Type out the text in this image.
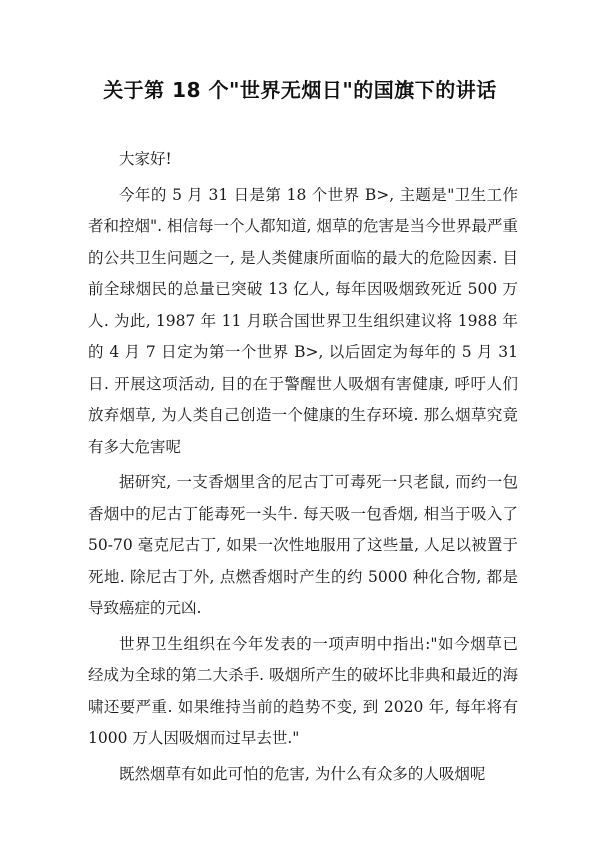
关于第 18 个"世界无烟日"的国旗下的讲话

大家好!

今年的 5 月 31 日是第 18 个世界 B>, 主题是"卫生工作者和控烟". 相信每一个人都知道, 烟草的危害是当今世界最严重的公共卫生问题之一, 是人类健康所面临的最大的危险因素. 目前全球烟民的总量已突破 13 亿人, 每年因吸烟致死近 500 万人. 为此, 1987 年 11 月联合国世界卫生组织建议将 1988 年的 4 月 7 日定为第一个世界 B>, 以后固定为每年的 5 月 31 日. 开展这项活动, 目的在于警醒世人吸烟有害健康, 呼吁人们放弃烟草, 为人类自己创造一个健康的生存环境. 那么烟草究竟有多大危害呢

据研究, 一支香烟里含的尼古丁可毒死一只老鼠, 而约一包香烟中的尼古丁能毒死一头牛. 每天吸一包香烟, 相当于吸入了 50-70 毫克尼古丁, 如果一次性地服用了这些量, 人足以被置于死地. 除尼古丁外, 点燃香烟时产生的约 5000 种化合物, 都是导致癌症的元凶.

世界卫生组织在今年发表的一项声明中指出:"如今烟草已经成为全球的第二大杀手. 吸烟所产生的破坏比非典和最近的海啸还要严重. 如果维持当前的趋势不变, 到 2020 年, 每年将有 1000 万人因吸烟而过早去世."

既然烟草有如此可怕的危害, 为什么有众多的人吸烟呢
